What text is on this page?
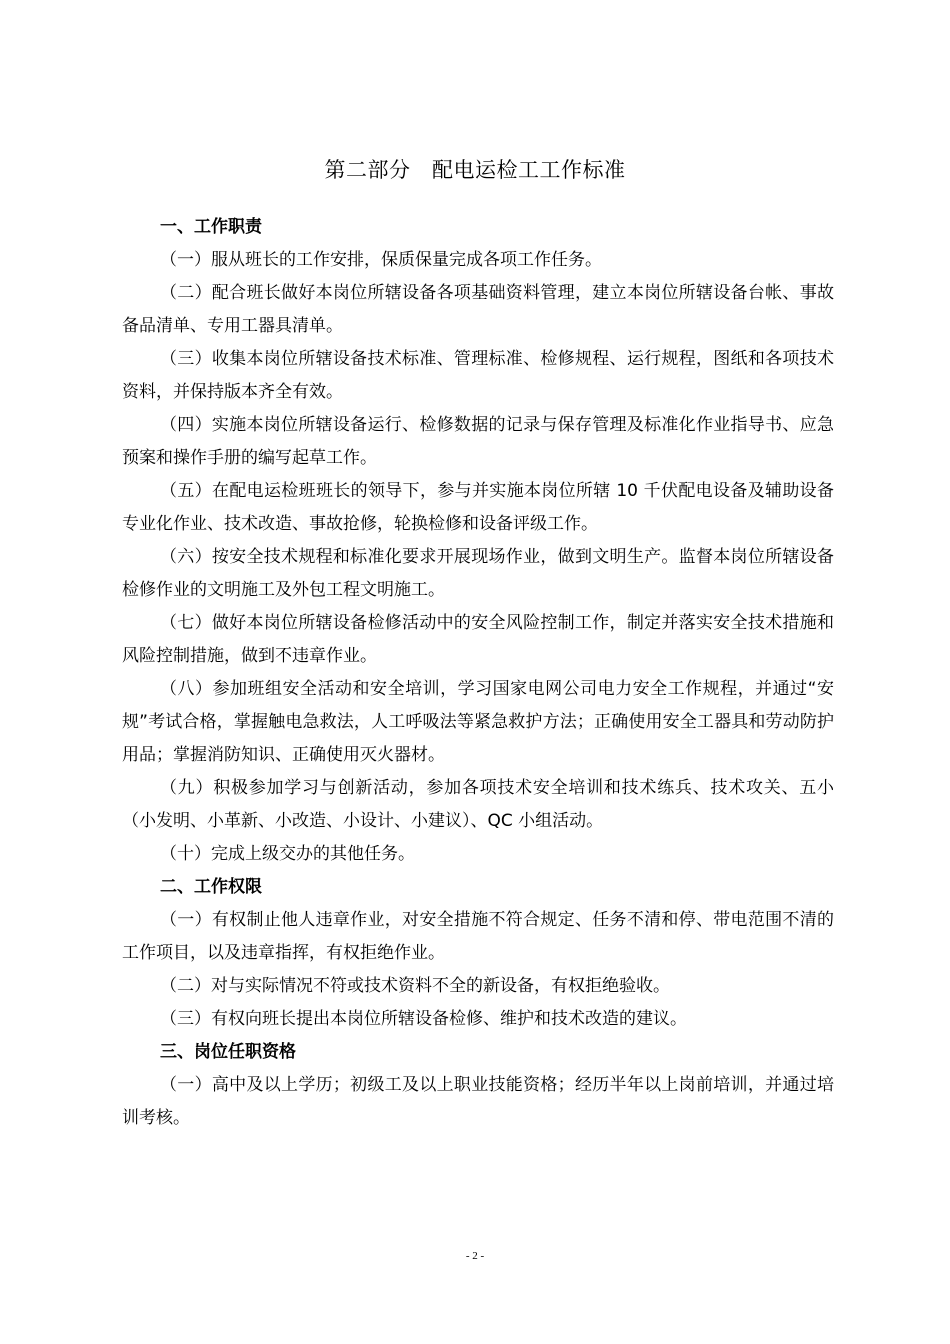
第二部分　配电运检工工作标准

一、工作职责

（一）服从班长的工作安排，保质保量完成各项工作任务。

（二）配合班长做好本岗位所辖设备各项基础资料管理，建立本岗位所辖设备台帐、事故备品清单、专用工器具清单。

（三）收集本岗位所辖设备技术标准、管理标准、检修规程、运行规程，图纸和各项技术资料，并保持版本齐全有效。

（四）实施本岗位所辖设备运行、检修数据的记录与保存管理及标准化作业指导书、应急预案和操作手册的编写起草工作。

（五）在配电运检班班长的领导下，参与并实施本岗位所辖 10 千伏配电设备及辅助设备专业化作业、技术改造、事故抢修，轮换检修和设备评级工作。

（六）按安全技术规程和标准化要求开展现场作业，做到文明生产。监督本岗位所辖设备检修作业的文明施工及外包工程文明施工。

（七）做好本岗位所辖设备检修活动中的安全风险控制工作，制定并落实安全技术措施和风险控制措施，做到不违章作业。

（八）参加班组安全活动和安全培训，学习国家电网公司电力安全工作规程，并通过“安规”考试合格，掌握触电急救法，人工呼吸法等紧急救护方法；正确使用安全工器具和劳动防护用品；掌握消防知识、正确使用灭火器材。

（九）积极参加学习与创新活动，参加各项技术安全培训和技术练兵、技术攻关、五小（小发明、小革新、小改造、小设计、小建议）、QC 小组活动。

（十）完成上级交办的其他任务。

二、工作权限

（一）有权制止他人违章作业，对安全措施不符合规定、任务不清和停、带电范围不清的工作项目，以及违章指挥，有权拒绝作业。

（二）对与实际情况不符或技术资料不全的新设备，有权拒绝验收。

（三）有权向班长提出本岗位所辖设备检修、维护和技术改造的建议。

三、岗位任职资格

（一）高中及以上学历；初级工及以上职业技能资格；经历半年以上岗前培训，并通过培训考核。

- 2 -
